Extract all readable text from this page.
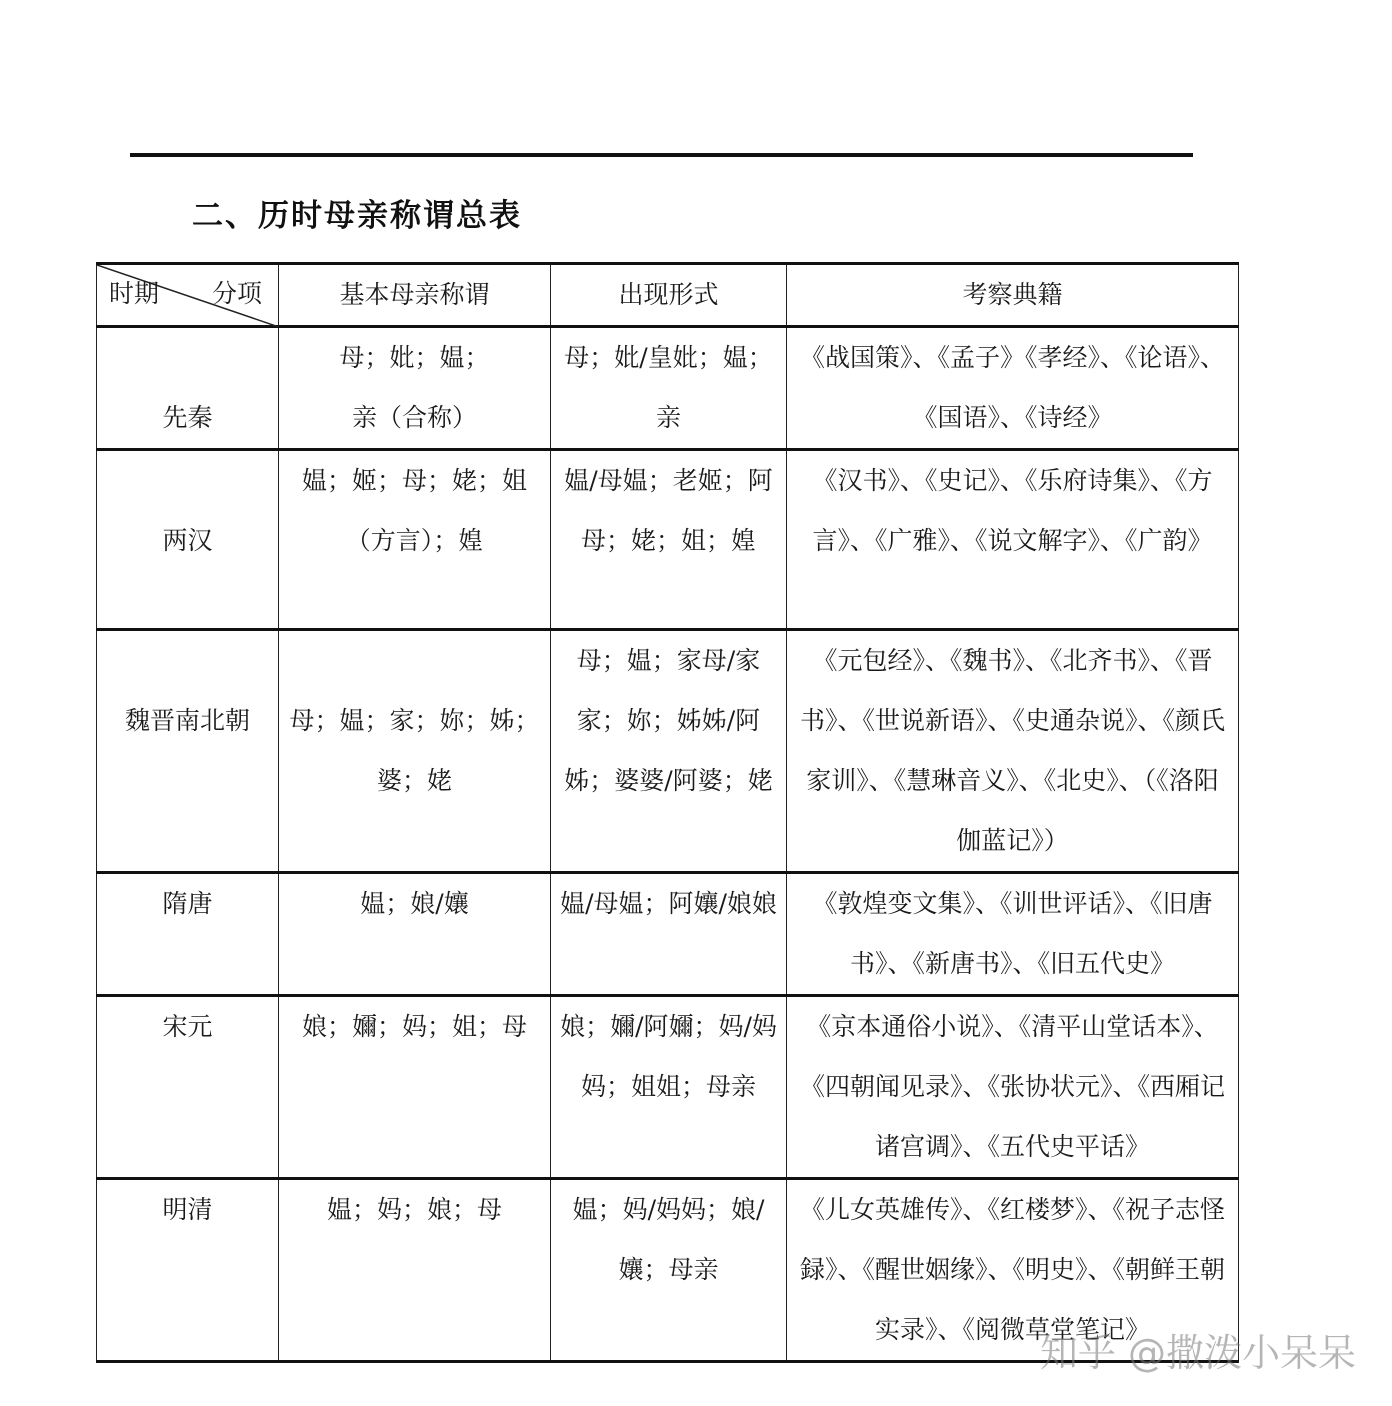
二、历时母亲称谓总表
时期 分项	基本母亲称谓	出现形式	考察典籍
先秦	母；妣；媪；亲（合称）	母；妣/皇妣；媪；亲	《战国策》、《孟子》《孝经》、《论语》、《国语》、《诗经》
两汉	媪；姬；母；姥；姐（方言）；媓	媪/母媪；老姬；阿母；姥；姐；媓	《汉书》、《史记》、《乐府诗集》、《方言》、《广雅》、《说文解字》、《广韵》
魏晋南北朝	母；媪；家；妳；姊；婆；姥	母；媪；家母/家家；妳；姊姊/阿姊；婆婆/阿婆；姥	《元包经》、《魏书》、《北齐书》、《晋书》、《世说新语》、《史通杂说》、《颜氏家训》、《慧琳音义》、《北史》、（《洛阳伽蓝记》）
隋唐	媪；娘/孃	媪/母媪；阿孃/娘娘	《敦煌变文集》、《训世评话》、《旧唐书》、《新唐书》、《旧五代史》
宋元	娘；嬭；妈；姐；母	娘；嬭/阿嬭；妈/妈妈；姐姐；母亲	《京本通俗小说》、《清平山堂话本》、《四朝闻见录》、《张协状元》、《西厢记诸宫调》、《五代史平话》
明清	媪；妈；娘；母	媪；妈/妈妈；娘/孃；母亲	《儿女英雄传》、《红楼梦》、《祝子志怪録》、《醒世姻缘》、《明史》、《朝鲜王朝实录》、《阅微草堂笔记》
知乎 @撒泼小呆呆
